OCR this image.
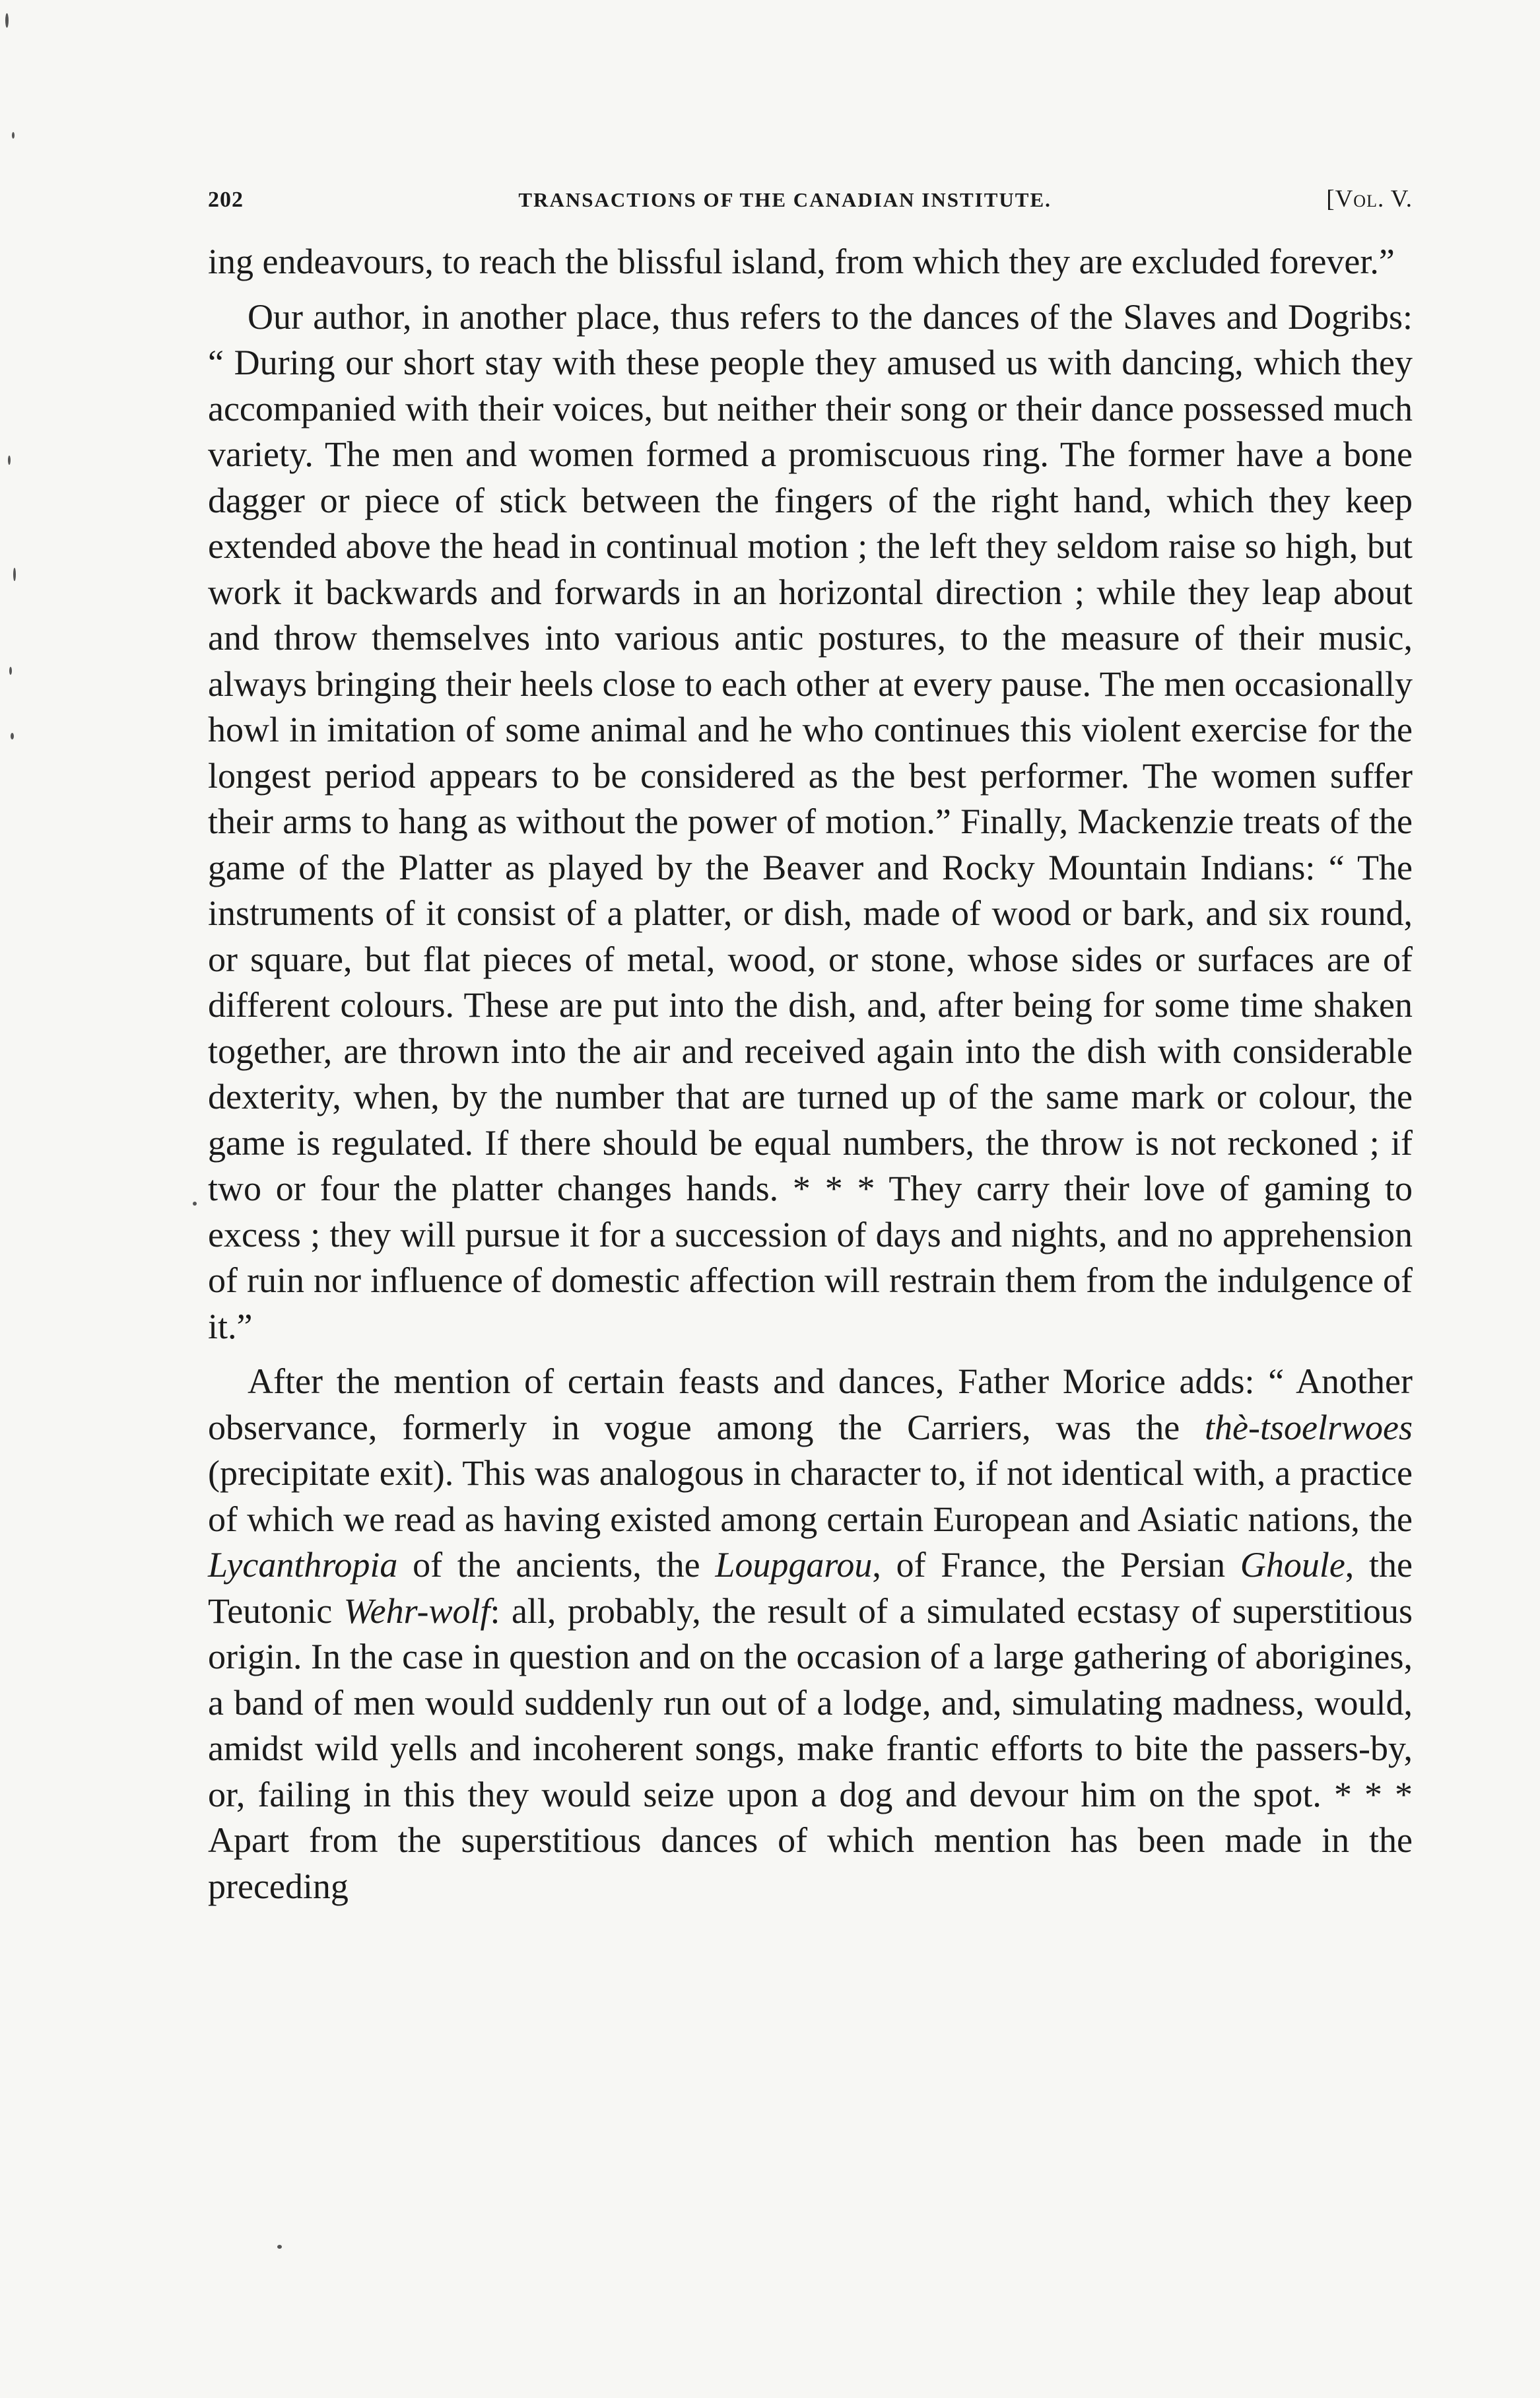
202	TRANSACTIONS OF THE CANADIAN INSTITUTE.	[Vol. V.

ing endeavours, to reach the blissful island, from which they are excluded forever.”

Our author, in another place, thus refers to the dances of the Slaves and Dogribs: “ During our short stay with these people they amused us with dancing, which they accompanied with their voices, but neither their song or their dance possessed much variety. The men and women formed a promiscuous ring. The former have a bone dagger or piece of stick between the fingers of the right hand, which they keep extended above the head in continual motion ; the left they seldom raise so high, but work it backwards and forwards in an horizontal direction ; while they leap about and throw themselves into various antic postures, to the measure of their music, always bringing their heels close to each other at every pause. The men occasionally howl in imitation of some animal and he who continues this violent exercise for the longest period appears to be considered as the best performer. The women suffer their arms to hang as without the power of motion.” Finally, Mackenzie treats of the game of the Platter as played by the Beaver and Rocky Mountain Indians: “ The instruments of it consist of a platter, or dish, made of wood or bark, and six round, or square, but flat pieces of metal, wood, or stone, whose sides or surfaces are of different colours. These are put into the dish, and, after being for some time shaken together, are thrown into the air and received again into the dish with considerable dexterity, when, by the number that are turned up of the same mark or colour, the game is regulated. If there should be equal numbers, the throw is not reckoned ; if two or four the platter changes hands. * * * They carry their love of gaming to excess ; they will pursue it for a succession of days and nights, and no apprehension of ruin nor influence of domestic affection will restrain them from the indulgence of it.”

After the mention of certain feasts and dances, Father Morice adds: “ Another observance, formerly in vogue among the Carriers, was the thè-tsoelrwoes (precipitate exit). This was analogous in character to, if not identical with, a practice of which we read as having existed among certain European and Asiatic nations, the Lycanthropia of the ancients, the Loupgarou, of France, the Persian Ghoule, the Teutonic Wehr-wolf: all, probably, the result of a simulated ecstasy of superstitious origin. In the case in question and on the occasion of a large gathering of aborigines, a band of men would suddenly run out of a lodge, and, simulating madness, would, amidst wild yells and incoherent songs, make frantic efforts to bite the passers-by, or, failing in this they would seize upon a dog and devour him on the spot. * * * Apart from the superstitious dances of which mention has been made in the preceding
